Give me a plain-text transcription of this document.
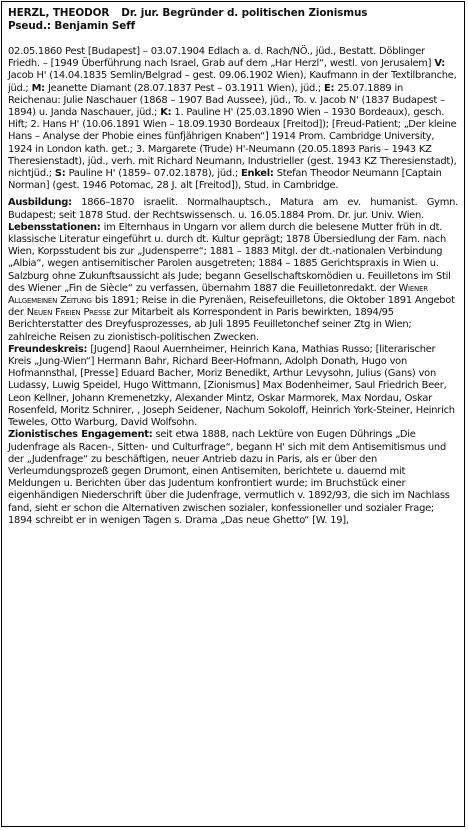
HERZL, THEODOR Dr. jur. Begründer d. politischen Zionismus
Pseud.: Benjamin Seff
02.05.1860 Pest [Budapest] – 03.07.1904 Edlach a. d. Rach/NÖ., jüd., Bestatt. Döblinger Friedh. – [1949 Überführung nach Israel, Grab auf dem „Har Herzl“, westl. von Jerusalem] V: Jacob H' (14.04.1835 Semlin/Belgrad – gest. 09.06.1902 Wien), Kaufmann in der Textilbranche, jüd.; M: Jeanette Diamant (28.07.1837 Pest – 03.1911 Wien), jüd.; E: 25.07.1889 in Reichenau: Julie Naschauer (1868 – 1907 Bad Aussee), jüd., To. v. Jacob N' (1837 Budapest – 1894) u. Janda Naschauer, jüd.; K: 1. Pauline H' (25.03.1890 Wien – 1930 Bordeaux), gesch. Hift; 2. Hans H' (10.06.1891 Wien – 18.09.1930 Bordeaux [Freitod]); [Freud-Patient; „Der kleine Hans – Analyse der Phobie eines fünfjährigen Knaben“] 1914 Prom. Cambridge University, 1924 in London kath. get.; 3. Margarete (Trude) H'-Neumann (20.05.1893 Paris – 1943 KZ Theresienstadt), jüd., verh. mit Richard Neumann, Industrieller (gest. 1943 KZ Theresienstadt), nichtjüd.; S: Pauline H' (1859– 07.02.1878), jüd.; Enkel: Stefan Theodor Neumann [Captain Norman] (gest. 1946 Potomac, 28 J. alt [Freitod]), Stud. in Cambridge.
Ausbildung: 1866–1870 israelit. Normalhauptsch., Matura am ev. humanist. Gymn. Budapest; seit 1878 Stud. der Rechtswissensch. u. 16.05.1884 Prom. Dr. jur. Univ. Wien.
Lebensstationen: im Elternhaus in Ungarn vor allem durch die belesene Mutter früh in dt. klassische Literatur eingeführt u. durch dt. Kultur geprägt; 1878 Übersiedlung der Fam. nach Wien, Korpsstudent bis zur „Judensperre“; 1881 – 1883 Mitgl. der dt.-nationalen Verbindung „Albia“, wegen antisemitischer Parolen ausgetreten; 1884 – 1885 Gerichtspraxis in Wien u. Salzburg ohne Zukunftsaussicht als Jude; begann Gesellschaftskomödien u. Feuilletons im Stil des Wiener „Fin de Siècle“ zu verfassen, übernahm 1887 die Feuilletonredakt. der Wiener Allgemeinen Zeitung bis 1891; Reise in die Pyrenäen, Reisefeuilletons, die Oktober 1891 Angebot der Neuen Freien Presse zur Mitarbeit als Korrespondent in Paris bewirkten, 1894/95 Berichterstatter des Dreyfusprozesses, ab Juli 1895 Feuilletonchef seiner Ztg in Wien; zahlreiche Reisen zu zionistisch-politischen Zwecken.
Freundeskreis: [Jugend] Raoul Auernheimer, Heinrich Kana, Mathias Russo; [literarischer Kreis „Jung-Wien“] Hermann Bahr, Richard Beer-Hofmann, Adolph Donath, Hugo von Hofmannsthal, [Presse] Eduard Bacher, Moriz Benedikt, Arthur Levysohn, Julius (Gans) von Ludassy, Luwig Speidel, Hugo Wittmann, [Zionismus] Max Bodenheimer, Saul Friedrich Beer, Leon Kellner, Johann Kremenetzky, Alexander Mintz, Oskar Marmorek, Max Nordau, Oskar Rosenfeld, Moritz Schnirer, , Joseph Seidener, Nachum Sokoloff, Heinrich York-Steiner, Heinrich Teweles, Otto Warburg, David Wolfsohn.
Zionistisches Engagement: seit etwa 1888, nach Lektüre von Eugen Dührings „Die Judenfrage als Racen-, Sitten- und Culturfrage“, begann H' sich mit dem Antisemitismus und der „Judenfrage“ zu beschäftigen, neuer Antrieb dazu in Paris, als er über den Verleumdungsprozeß gegen Drumont, einen Antisemiten, berichtete u. dauernd mit Meldungen u. Berichten über das Judentum konfrontiert wurde; im Bruchstück einer eigenhändigen Niederschrift über die Judenfrage, vermutlich v. 1892/93, die sich im Nachlass fand, sieht er schon die Alternativen zwischen sozialer, konfessioneller und sozialer Frage; 1894 schreibt er in wenigen Tagen s. Drama „Das neue Ghetto“ [W. 19],
